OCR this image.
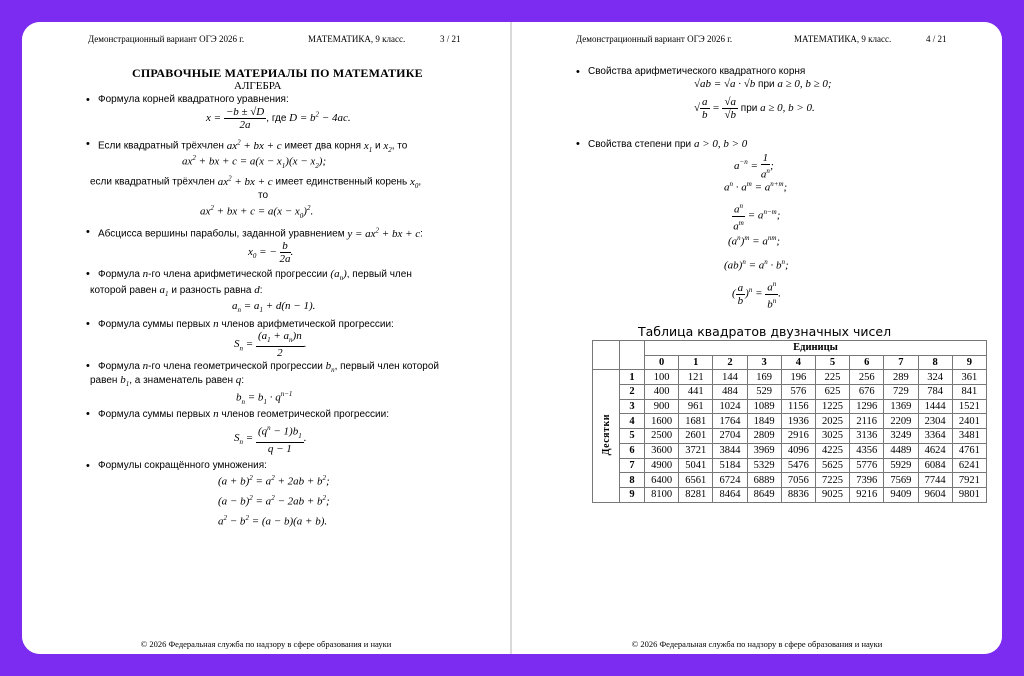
Демонстрационный вариант ОГЭ 2026 г.	МАТЕМАТИКА, 9 класс.	3 / 21
СПРАВОЧНЫЕ МАТЕРИАЛЫ ПО МАТЕМАТИКЕ
АЛГЕБРА
• Формула корней квадратного уравнения:
$x = \frac{-b \pm √D}{2a}$ , где $D = b^2 - 4ac$.
• Если квадратный трёхчлен $ax^2$ + bx + c имеет два корня $x_1$ и $x_2$, то
$ax^2$ + bx + $c = a(x - x_1)(x - x_2)$;
если квадратный трёхчлен $ax^2$ + bx + c имеет единственный корень $x_0$,
то
$ax^2$ + bx + $c = a(x - x_0)^2$.
• Абсцисса вершины параболы, заданной уравнением $y = ax^2$ + bx + c:
$x_0$ = − $\frac{b}{2a}$ .
• Формула n-го члена арифметической прогрессии $(a_n)$, первый член
которой равен $a_1$ и разность равна d:
$a_n = a_1 + d(n - 1)$.
• Формула суммы первых n членов арифметической прогрессии:
$S_n = \frac{(a_1 + a_n)n}{2}$ .
• Формула n-го члена геометрической прогрессии $b_n$, первый член которой
равен $b_1$, а знаменатель равен q:
$b_n = b_1 \cdot q^{n-1}$
• Формула суммы первых n членов геометрической прогрессии:
$S_n = \frac{(q^n - 1)b_1}{q - 1}$ .
• Формулы сокращённого умножения:
$(a + b)^2 = a^2 + 2ab + b^2$;
$(a - b)^2 = a^2 - 2ab + b^2$;
$a^2 - b^2 = (a - b)(a + b)$.
© 2026 Федеральная служба по надзору в сфере образования и науки
Демонстрационный вариант ОГЭ 2026 г.	МАТЕМАТИКА, 9 класс.	4 / 21
• Свойства арифметического квадратного корня
√ab = √a · √b при a ≥ 0, b ≥ 0;
√ $\frac{a}{b} = \frac{√a}{√b}$ при a ≥ 0, b > 0.
• Свойства степени при a > 0, b > 0
$a^{-n} = \frac{1}{a^n}$ ;
$a^n \cdot a^m = a^{n+m}$;
$\frac{a^n}{a^m} = a^{n-m}$;
$(a^n)^m = a^{nm}$;
$(ab)^n = a^n \cdot b^n$;
( $\frac{a}{b} )^n = \frac{a^n}{b^n}$ .
Таблица квадратов двузначных чисел
		Единицы									
		0	1	2	3	4	5	6	7	8	9
Десятки	1	100	121	144	169	196	225	256	289	324	361
	2	400	441	484	529	576	625	676	729	784	841
	3	900	961	1024	1089	1156	1225	1296	1369	1444	1521
	4	1600	1681	1764	1849	1936	2025	2116	2209	2304	2401
	5	2500	2601	2704	2809	2916	3025	3136	3249	3364	3481
	6	3600	3721	3844	3969	4096	4225	4356	4489	4624	4761
	7	4900	5041	5184	5329	5476	5625	5776	5929	6084	6241
	8	6400	6561	6724	6889	7056	7225	7396	7569	7744	7921
	9	8100	8281	8464	8649	8836	9025	9216	9409	9604	9801
© 2026 Федеральная служба по надзору в сфере образования и науки
